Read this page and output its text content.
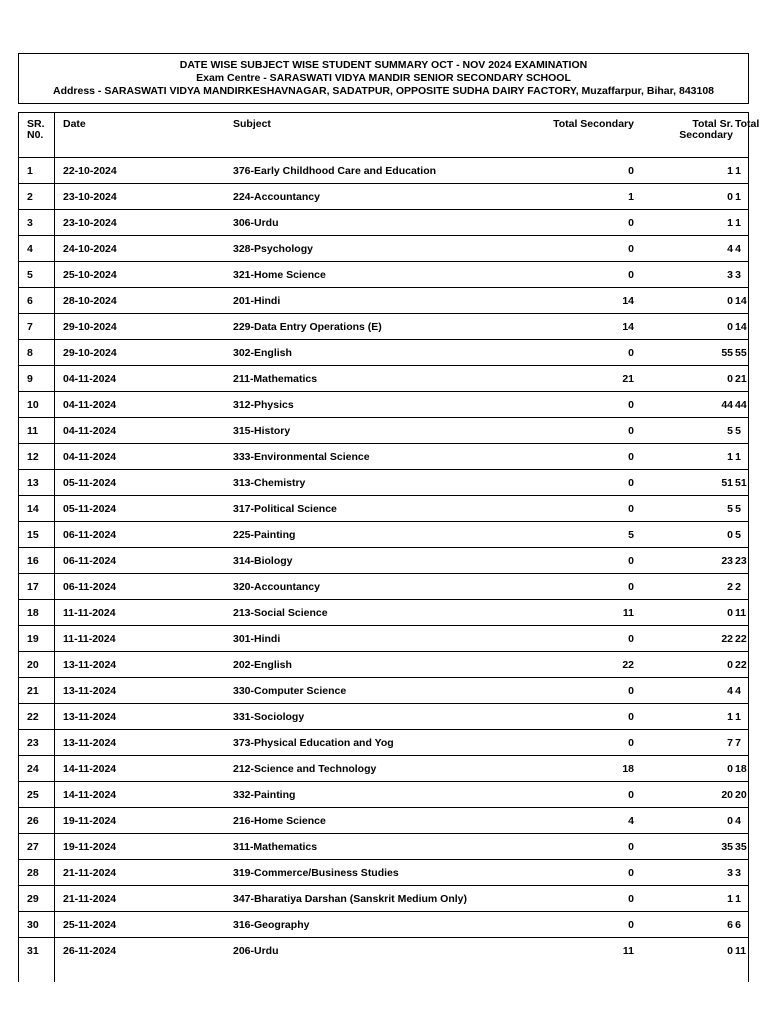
DATE WISE SUBJECT WISE STUDENT SUMMARY OCT - NOV 2024 EXAMINATION
Exam Centre - SARASWATI VIDYA MANDIR SENIOR SECONDARY SCHOOL
Address - SARASWATI VIDYA MANDIRKESHAVNAGAR, SADATPUR, OPPOSITE SUDHA DAIRY FACTORY, Muzaffarpur, Bihar, 843108
SR.
N0.	Date	Subject	Total Secondary	Total Sr.
Secondary	Total
1	22-10-2024	376-Early Childhood Care and Education	0	1	1
2	23-10-2024	224-Accountancy	1	0	1
3	23-10-2024	306-Urdu	0	1	1
4	24-10-2024	328-Psychology	0	4	4
5	25-10-2024	321-Home Science	0	3	3
6	28-10-2024	201-Hindi	14	0	14
7	29-10-2024	229-Data Entry Operations (E)	14	0	14
8	29-10-2024	302-English	0	55	55
9	04-11-2024	211-Mathematics	21	0	21
10	04-11-2024	312-Physics	0	44	44
11	04-11-2024	315-History	0	5	5
12	04-11-2024	333-Environmental Science	0	1	1
13	05-11-2024	313-Chemistry	0	51	51
14	05-11-2024	317-Political Science	0	5	5
15	06-11-2024	225-Painting	5	0	5
16	06-11-2024	314-Biology	0	23	23
17	06-11-2024	320-Accountancy	0	2	2
18	11-11-2024	213-Social Science	11	0	11
19	11-11-2024	301-Hindi	0	22	22
20	13-11-2024	202-English	22	0	22
21	13-11-2024	330-Computer Science	0	4	4
22	13-11-2024	331-Sociology	0	1	1
23	13-11-2024	373-Physical Education and Yog	0	7	7
24	14-11-2024	212-Science and Technology	18	0	18
25	14-11-2024	332-Painting	0	20	20
26	19-11-2024	216-Home Science	4	0	4
27	19-11-2024	311-Mathematics	0	35	35
28	21-11-2024	319-Commerce/Business Studies	0	3	3
29	21-11-2024	347-Bharatiya Darshan (Sanskrit Medium Only)	0	1	1
30	25-11-2024	316-Geography	0	6	6
31	26-11-2024	206-Urdu	11	0	11
